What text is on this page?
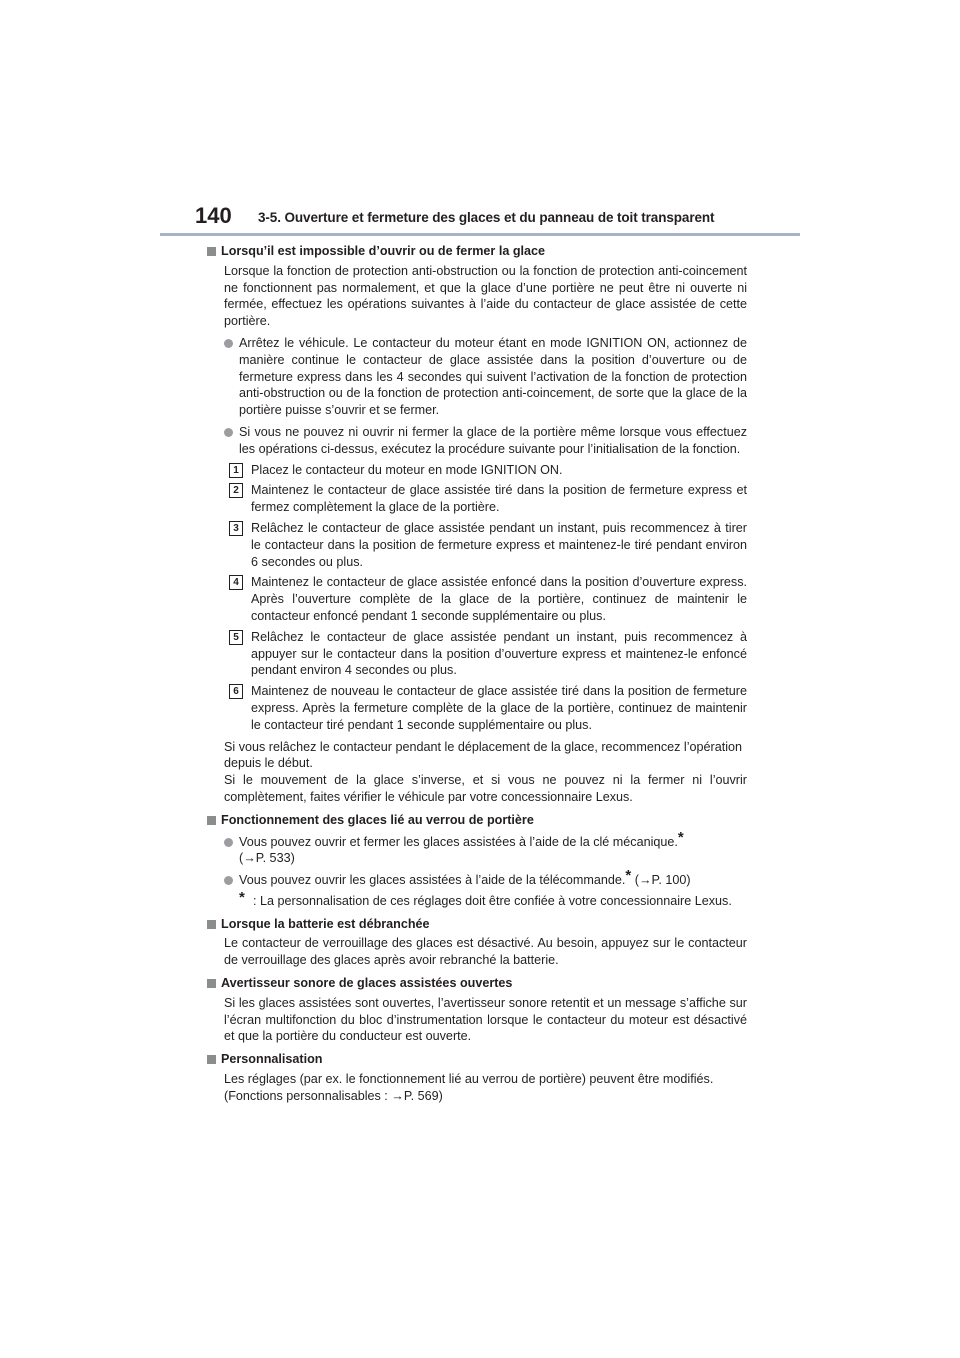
140 3-5. Ouverture et fermeture des glaces et du panneau de toit transparent
Lorsqu’il est impossible d’ouvrir ou de fermer la glace
Lorsque la fonction de protection anti-obstruction ou la fonction de protection anti-coincement ne fonctionnent pas normalement, et que la glace d’une portière ne peut être ni ouverte ni fermée, effectuez les opérations suivantes à l’aide du contacteur de glace assistée de cette portière.
Arrêtez le véhicule. Le contacteur du moteur étant en mode IGNITION ON, actionnez de manière continue le contacteur de glace assistée dans la position d’ouverture ou de fermeture express dans les 4 secondes qui suivent l’activation de la fonction de protection anti-obstruction ou de la fonction de protection anti-coincement, de sorte que la glace de la portière puisse s’ouvrir et se fermer.
Si vous ne pouvez ni ouvrir ni fermer la glace de la portière même lorsque vous effectuez les opérations ci-dessus, exécutez la procédure suivante pour l’initialisation de la fonction.
1 Placez le contacteur du moteur en mode IGNITION ON.
2 Maintenez le contacteur de glace assistée tiré dans la position de fermeture express et fermez complètement la glace de la portière.
3 Relâchez le contacteur de glace assistée pendant un instant, puis recommencez à tirer le contacteur dans la position de fermeture express et maintenez-le tiré pendant environ 6 secondes ou plus.
4 Maintenez le contacteur de glace assistée enfoncé dans la position d’ouverture express. Après l’ouverture complète de la glace de la portière, continuez de maintenir le contacteur enfoncé pendant 1 seconde supplémentaire ou plus.
5 Relâchez le contacteur de glace assistée pendant un instant, puis recommencez à appuyer sur le contacteur dans la position d’ouverture express et maintenez-le enfoncé pendant environ 4 secondes ou plus.
6 Maintenez de nouveau le contacteur de glace assistée tiré dans la position de fermeture express. Après la fermeture complète de la glace de la portière, continuez de maintenir le contacteur tiré pendant 1 seconde supplémentaire ou plus.
Si vous relâchez le contacteur pendant le déplacement de la glace, recommencez l’opération depuis le début.
Si le mouvement de la glace s’inverse, et si vous ne pouvez ni la fermer ni l’ouvrir complètement, faites vérifier le véhicule par votre concessionnaire Lexus.
Fonctionnement des glaces lié au verrou de portière
Vous pouvez ouvrir et fermer les glaces assistées à l’aide de la clé mécanique.*
(→P. 533)
Vous pouvez ouvrir les glaces assistées à l’aide de la télécommande.* (→P. 100)
* : La personnalisation de ces réglages doit être confiée à votre concessionnaire Lexus.
Lorsque la batterie est débranchée
Le contacteur de verrouillage des glaces est désactivé. Au besoin, appuyez sur le contacteur de verrouillage des glaces après avoir rebranché la batterie.
Avertisseur sonore de glaces assistées ouvertes
Si les glaces assistées sont ouvertes, l’avertisseur sonore retentit et un message s’affiche sur l’écran multifonction du bloc d’instrumentation lorsque le contacteur du moteur est désactivé et que la portière du conducteur est ouverte.
Personnalisation
Les réglages (par ex. le fonctionnement lié au verrou de portière) peuvent être modifiés.
(Fonctions personnalisables : →P. 569)
